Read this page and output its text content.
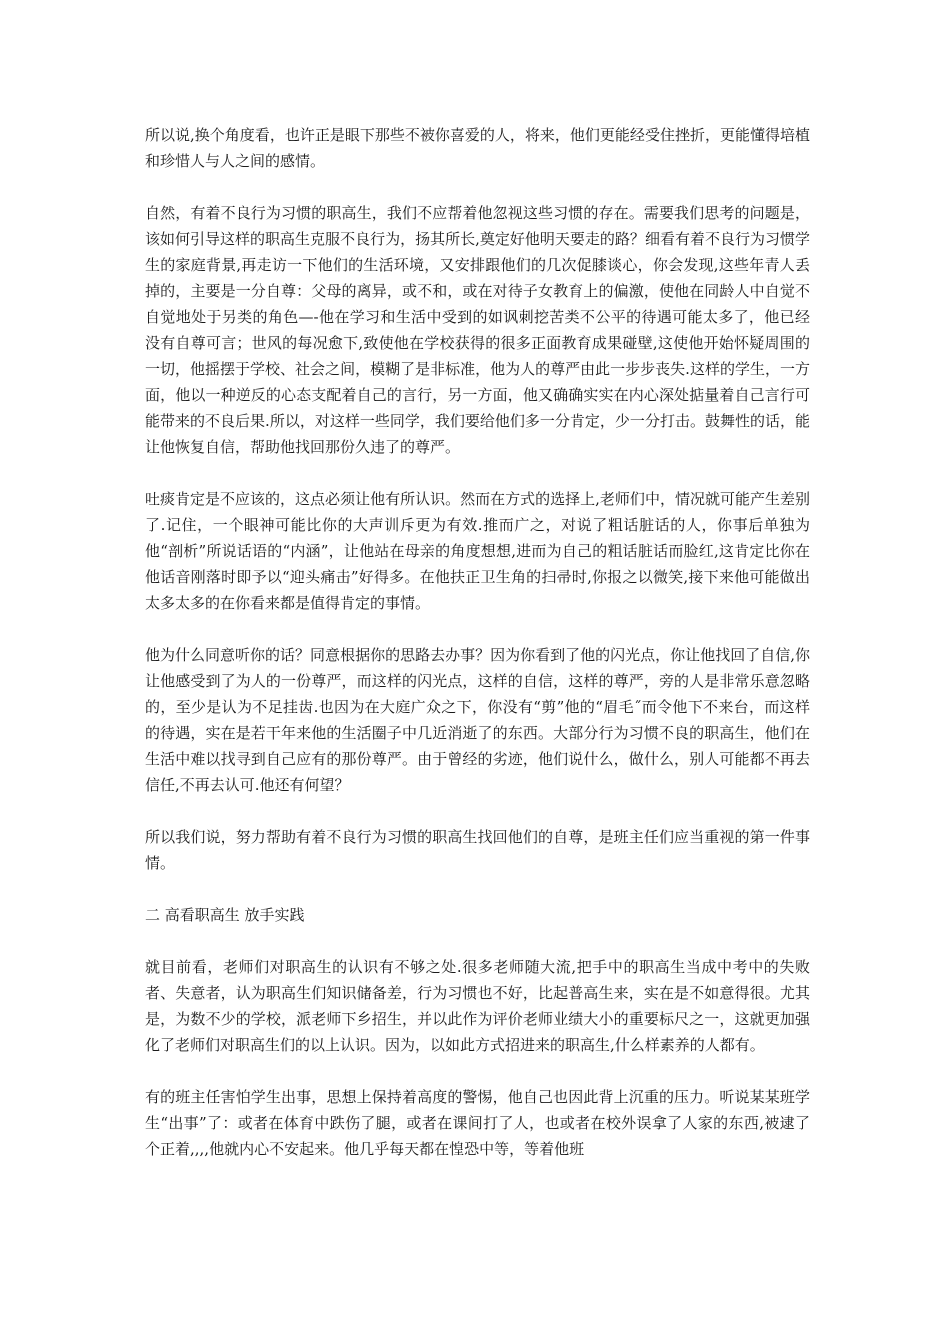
所以说,换个角度看，也许正是眼下那些不被你喜爱的人，将来，他们更能经受住挫折，更能懂得培植和珍惜人与人之间的感情。

自然，有着不良行为习惯的职高生，我们不应帮着他忽视这些习惯的存在。需要我们思考的问题是，该如何引导这样的职高生克服不良行为，扬其所长,奠定好他明天要走的路？细看有着不良行为习惯学生的家庭背景,再走访一下他们的生活环境，又安排跟他们的几次促膝谈心，你会发现,这些年青人丢掉的，主要是一分自尊：父母的离异，或不和，或在对待子女教育上的偏激，使他在同龄人中自觉不自觉地处于另类的角色—-他在学习和生活中受到的如讽刺挖苦类不公平的待遇可能太多了，他已经没有自尊可言；世风的每况愈下,致使他在学校获得的很多正面教育成果碰壁,这使他开始怀疑周围的一切，他摇摆于学校、社会之间，模糊了是非标准，他为人的尊严由此一步步丧失.这样的学生，一方面，他以一种逆反的心态支配着自己的言行，另一方面，他又确确实实在内心深处掂量着自己言行可能带来的不良后果.所以，对这样一些同学，我们要给他们多一分肯定，少一分打击。鼓舞性的话，能让他恢复自信，帮助他找回那份久违了的尊严。

吐痰肯定是不应该的，这点必须让他有所认识。然而在方式的选择上,老师们中，情况就可能产生差别了.记住，一个眼神可能比你的大声训斥更为有效.推而广之，对说了粗话脏话的人，你事后单独为他“剖析”所说话语的“内涵”，让他站在母亲的角度想想,进而为自己的粗话脏话而脸红,这肯定比你在他话音刚落时即予以“迎头痛击”好得多。在他扶正卫生角的扫帚时,你报之以微笑,接下来他可能做出太多太多的在你看来都是值得肯定的事情。

他为什么同意听你的话？同意根据你的思路去办事？因为你看到了他的闪光点，你让他找回了自信,你让他感受到了为人的一份尊严，而这样的闪光点，这样的自信，这样的尊严，旁的人是非常乐意忽略的，至少是认为不足挂齿.也因为在大庭广众之下，你没有“剪”他的“眉毛˝而令他下不来台，而这样的待遇，实在是若干年来他的生活圈子中几近消逝了的东西。大部分行为习惯不良的职高生，他们在生活中难以找寻到自己应有的那份尊严。由于曾经的劣迹，他们说什么，做什么，别人可能都不再去信任,不再去认可.他还有何望？

所以我们说，努力帮助有着不良行为习惯的职高生找回他们的自尊，是班主任们应当重视的第一件事情。

二 高看职高生 放手实践

就目前看，老师们对职高生的认识有不够之处.很多老师随大流,把手中的职高生当成中考中的失败者、失意者，认为职高生们知识储备差，行为习惯也不好，比起普高生来，实在是不如意得很。尤其是，为数不少的学校，派老师下乡招生，并以此作为评价老师业绩大小的重要标尺之一，这就更加强化了老师们对职高生们的以上认识。因为，以如此方式招进来的职高生,什么样素养的人都有。

有的班主任害怕学生出事，思想上保持着高度的警惕，他自己也因此背上沉重的压力。听说某某班学生“出事”了：或者在体育中跌伤了腿，或者在课间打了人，也或者在校外误拿了人家的东西,被逮了个正着,,,,他就内心不安起来。他几乎每天都在惶恐中等，等着他班
